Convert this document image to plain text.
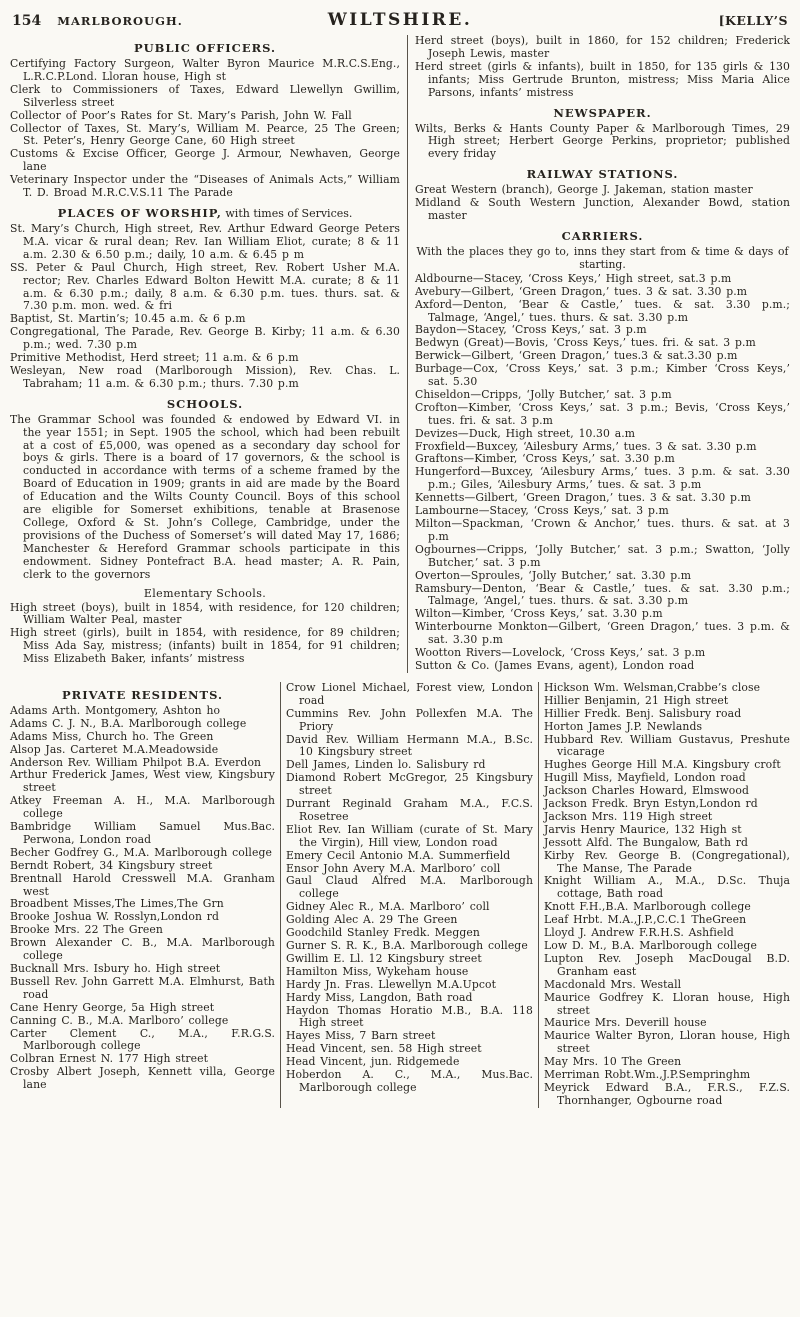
154 MARLBOROUGH.	WILTSHIRE.	[KELLY’S
PUBLIC OFFICERS.

Certifying Factory Surgeon, Walter Byron Maurice M.R.C.S.Eng., L.R.C.P.Lond. Lloran house, High st

Clerk to Commissioners of Taxes, Edward Llewellyn Gwillim, Silverless street

Collector of Poor’s Rates for St. Mary’s Parish, John W. Fall

Collector of Taxes, St. Mary’s, William M. Pearce, 25 The Green; St. Peter’s, Henry George Cane, 60 High street

Customs & Excise Officer, George J. Armour, Newhaven, George lane

Veterinary Inspector under the “Diseases of Animals Acts,” William T. D. Broad M.R.C.V.S.11 The Parade

PLACES OF WORSHIP, with times of Services.

St. Mary’s Church, High street, Rev. Arthur Edward George Peters M.A. vicar & rural dean; Rev. Ian William Eliot, curate; 8 & 11 a.m. 2.30 & 6.50 p.m.; daily, 10 a.m. & 6.45 p m

SS. Peter & Paul Church, High street, Rev. Robert Usher M.A. rector; Rev. Charles Edward Bolton Hewitt M.A. curate; 8 & 11 a.m. & 6.30 p.m.; daily, 8 a.m. & 6.30 p.m. tues. thurs. sat. & 7.30 p.m. mon. wed. & fri

Baptist, St. Martin’s; 10.45 a.m. & 6 p.m

Congregational, The Parade, Rev. George B. Kirby; 11 a.m. & 6.30 p.m.; wed. 7.30 p.m

Primitive Methodist, Herd street; 11 a.m. & 6 p.m

Wesleyan, New road (Marlborough Mission), Rev. Chas. L. Tabraham; 11 a.m. & 6.30 p.m.; thurs. 7.30 p.m

SCHOOLS.

The Grammar School was founded & endowed by Edward VI. in the year 1551; in Sept. 1905 the school, which had been rebuilt at a cost of £5,000, was opened as a secondary day school for boys & girls. There is a board of 17 governors, & the school is conducted in accordance with terms of a scheme framed by the Board of Education in 1909; grants in aid are made by the Board of Education and the Wilts County Council. Boys of this school are eligible for Somerset exhibitions, tenable at Brasenose College, Oxford & St. John’s College, Cambridge, under the provisions of the Duchess of Somerset’s will dated May 17, 1686; Manchester & Hereford Grammar schools participate in this endowment. Sidney Pontefract B.A. head master; A. R. Pain, clerk to the governors

Elementary Schools.

High street (boys), built in 1854, with residence, for 120 children; William Walter Peal, master

High street (girls), built in 1854, with residence, for 89 children; Miss Ada Say, mistress; (infants) built in 1854, for 91 children; Miss Elizabeth Baker, infants’ mistress

Herd street (boys), built in 1860, for 152 children; Frederick Joseph Lewis, master

Herd street (girls & infants), built in 1850, for 135 girls & 130 infants; Miss Gertrude Brunton, mistress; Miss Maria Alice Parsons, infants’ mistress

NEWSPAPER.

Wilts, Berks & Hants County Paper & Marlborough Times, 29 High street; Herbert George Perkins, proprietor; published every friday

RAILWAY STATIONS.

Great Western (branch), George J. Jakeman, station master

Midland & South Western Junction, Alexander Bowd, station master

CARRIERS.
With the places they go to, inns they start from & time & days of starting.

Aldbourne—Stacey, ‘Cross Keys,’ High street, sat.3 p.m

Avebury—Gilbert, ‘Green Dragon,’ tues. 3 & sat. 3.30 p.m

Axford—Denton, ‘Bear & Castle,’ tues. & sat. 3.30 p.m.; Talmage, ‘Angel,’ tues. thurs. & sat. 3.30 p.m

Baydon—Stacey, ‘Cross Keys,’ sat. 3 p.m

Bedwyn (Great)—Bovis, ‘Cross Keys,’ tues. fri. & sat. 3 p.m

Berwick—Gilbert, ‘Green Dragon,’ tues.3 & sat.3.30 p.m

Burbage—Cox, ‘Cross Keys,’ sat. 3 p.m.; Kimber ‘Cross Keys,’ sat. 5.30

Chiseldon—Cripps, ‘Jolly Butcher,’ sat. 3 p.m

Crofton—Kimber, ‘Cross Keys,’ sat. 3 p.m.; Bevis, ‘Cross Keys,’ tues. fri. & sat. 3 p.m

Devizes—Duck, High street, 10.30 a.m

Froxfield—Buxcey, ‘Ailesbury Arms,’ tues. 3 & sat. 3.30 p.m

Graftons—Kimber, ‘Cross Keys,’ sat. 3.30 p.m

Hungerford—Buxcey, ‘Ailesbury Arms,’ tues. 3 p.m. & sat. 3.30 p.m.; Giles, ‘Ailesbury Arms,’ tues. & sat. 3 p.m

Kennetts—Gilbert, ‘Green Dragon,’ tues. 3 & sat. 3.30 p.m

Lambourne—Stacey, ‘Cross Keys,’ sat. 3 p.m

Milton—Spackman, ‘Crown & Anchor,’ tues. thurs. & sat. at 3 p.m

Ogbournes—Cripps, ‘Jolly Butcher,’ sat. 3 p.m.; Swatton, ‘Jolly Butcher,’ sat. 3 p.m

Overton—Sproules, ‘Jolly Butcher,’ sat. 3.30 p.m

Ramsbury—Denton, ‘Bear & Castle,’ tues. & sat. 3.30 p.m.; Talmage, ‘Angel,’ tues. thurs. & sat. 3.30 p.m

Wilton—Kimber, ‘Cross Keys,’ sat. 3.30 p.m

Winterbourne Monkton—Gilbert, ‘Green Dragon,’ tues. 3 p.m. & sat. 3.30 p.m

Wootton Rivers—Lovelock, ‘Cross Keys,’ sat. 3 p.m

Sutton & Co. (James Evans, agent), London road

PRIVATE RESIDENTS.

Adams Arth. Montgomery, Ashton ho

Adams C. J. N., B.A. Marlborough college

Adams Miss, Church ho. The Green

Alsop Jas. Carteret M.A.Meadowside

Anderson Rev. William Philpot B.A. Everdon

Arthur Frederick James, West view, Kingsbury street

Atkey Freeman A. H., M.A. Marlborough college

Bambridge William Samuel Mus.Bac. Perwona, London road

Becher Godfrey G., M.A. Marlborough college

Berndt Robert, 34 Kingsbury street

Brentnall Harold Cresswell M.A. Granham west

Broadbent Misses,The Limes,The Grn

Brooke Joshua W. Rosslyn,London rd

Brooke Mrs. 22 The Green

Brown Alexander C. B., M.A. Marlborough college

Bucknall Mrs. Isbury ho. High street

Bussell Rev. John Garrett M.A. Elmhurst, Bath road

Cane Henry George, 5a High street

Canning C. B., M.A. Marlboro’ college

Carter Clement C., M.A., F.R.G.S. Marlborough college

Colbran Ernest N. 177 High street

Crosby Albert Joseph, Kennett villa, George lane

Crow Lionel Michael, Forest view, London road

Cummins Rev. John Pollexfen M.A. The Priory

David Rev. William Hermann M.A., B.Sc. 10 Kingsbury street

Dell James, Linden lo. Salisbury rd

Diamond Robert McGregor, 25 Kingsbury street

Durrant Reginald Graham M.A., F.C.S. Rosetree

Eliot Rev. Ian William (curate of St. Mary the Virgin), Hill view, London road

Emery Cecil Antonio M.A. Summerfield

Ensor John Avery M.A. Marlboro’ coll

Gaul Claud Alfred M.A. Marlborough college

Gidney Alec R., M.A. Marlboro’ coll

Golding Alec A. 29 The Green

Goodchild Stanley Fredk. Meggen

Gurner S. R. K., B.A. Marlborough college

Gwillim E. Ll. 12 Kingsbury street

Hamilton Miss, Wykeham house

Hardy Jn. Fras. Llewellyn M.A.Upcot

Hardy Miss, Langdon, Bath road

Haydon Thomas Horatio M.B., B.A. 118 High street

Hayes Miss, 7 Barn street

Head Vincent, sen. 58 High street

Head Vincent, jun. Ridgemede

Hoberdon A. C., M.A., Mus.Bac. Marlborough college

Hickson Wm. Welsman,Crabbe’s close

Hillier Benjamin, 21 High street

Hillier Fredk. Benj. Salisbury road

Horton James J.P. Newlands

Hubbard Rev. William Gustavus, Preshute vicarage

Hughes George Hill M.A. Kingsbury croft

Hugill Miss, Mayfield, London road

Jackson Charles Howard, Elmswood

Jackson Fredk. Bryn Estyn,London rd

Jackson Mrs. 119 High street

Jarvis Henry Maurice, 132 High st

Jessott Alfd. The Bungalow, Bath rd

Kirby Rev. George B. (Congregational), The Manse, The Parade

Knight William A., M.A., D.Sc. Thuja cottage, Bath road

Knott F.H.,B.A. Marlborough college

Leaf Hrbt. M.A.,J.P.,C.C.1 TheGreen

Lloyd J. Andrew F.R.H.S. Ashfield

Low D. M., B.A. Marlborough college

Lupton Rev. Joseph MacDougal B.D. Granham east

Macdonald Mrs. Westall

Maurice Godfrey K. Lloran house, High street

Maurice Mrs. Deverill house

Maurice Walter Byron, Lloran house, High street

May Mrs. 10 The Green

Merriman Robt.Wm.,J.P.Sempringhm

Meyrick Edward B.A., F.R.S., F.Z.S. Thornhanger, Ogbourne road
